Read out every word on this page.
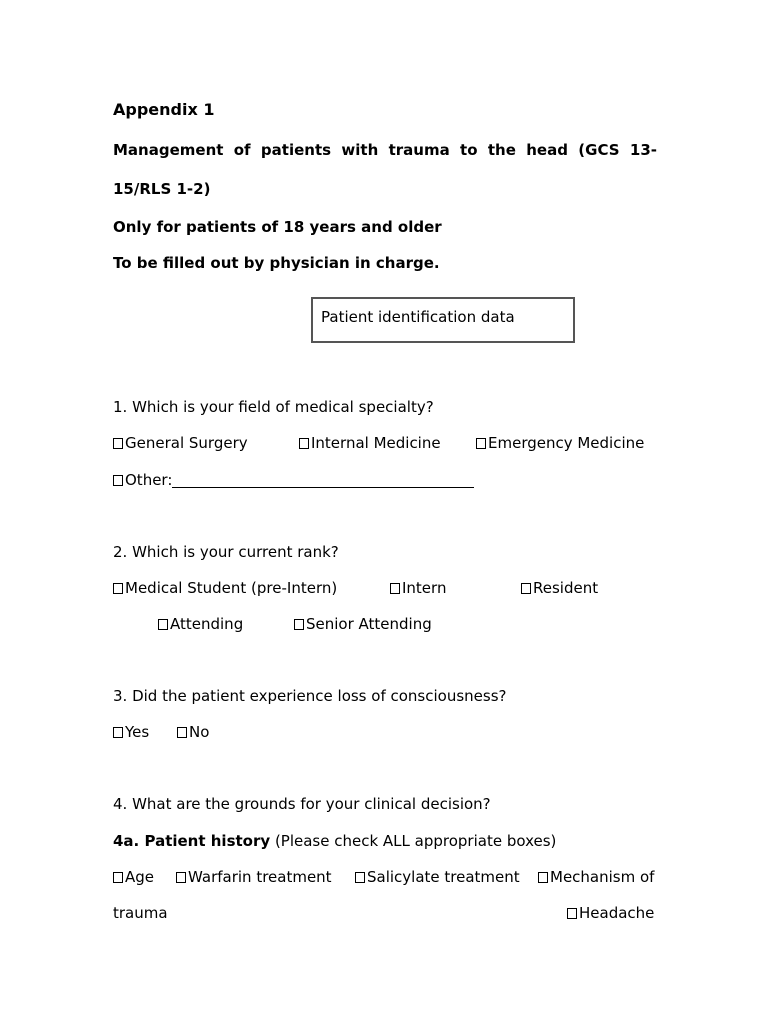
Appendix 1
Management of patients with trauma to the head (GCS 13-
15/RLS 1-2)
Only for patients of 18 years and older
To be filled out by physician in charge.
Patient identification data
1. Which is your field of medical specialty?
General Surgery	Internal Medicine	Emergency Medicine
Other:
2. Which is your current rank?
Medical Student (pre-Intern)	Intern	Resident
Attending	Senior Attending
3. Did the patient experience loss of consciousness?
Yes	No
4. What are the grounds for your clinical decision?
4a. Patient history (Please check ALL appropriate boxes)
Age Warfarin treatment Salicylate treatment Mechanism of
trauma	Headache
